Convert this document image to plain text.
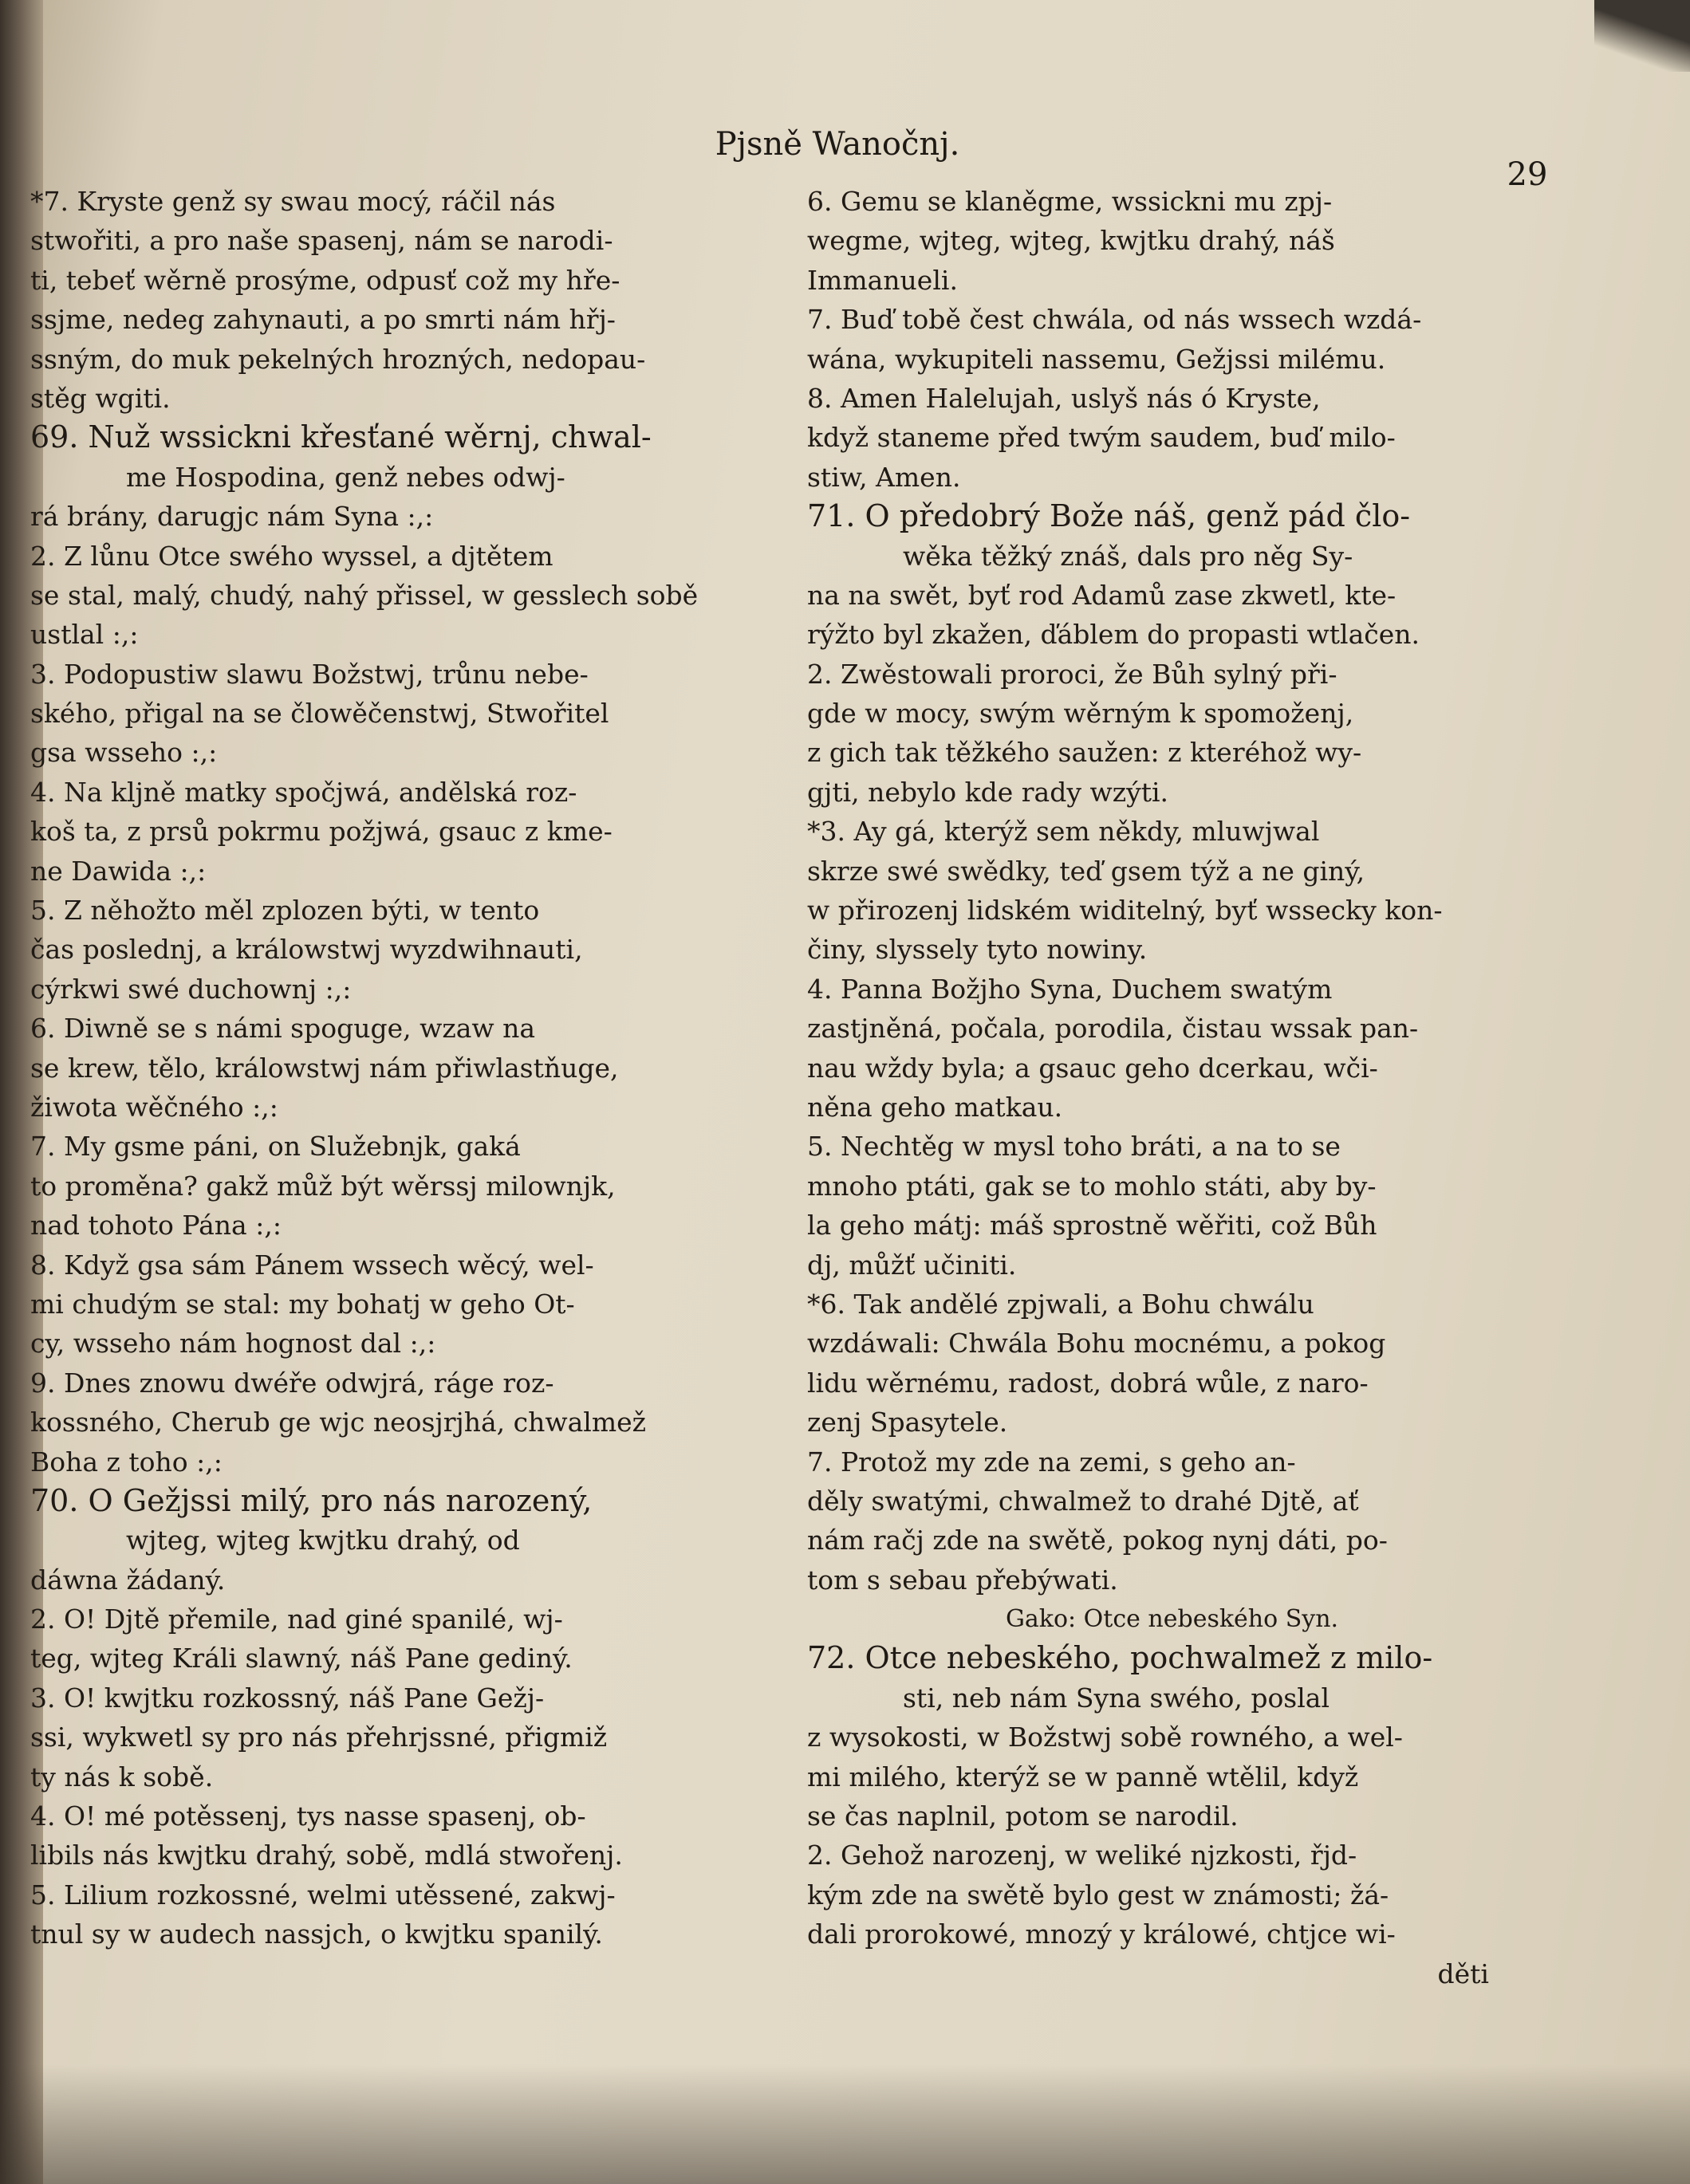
Pjsně Wanočnj.
29
*7. Kryste genž sy swau mocý, ráčil nás
stwořiti, a pro naše spasenj, nám se narodi-
ti, tebeť wěrně prosýme, odpusť což my hře-
ssjme, nedeg zahynauti, a po smrti nám hřj-
ssným, do muk pekelných hrozných, nedopau-
stěg wgiti.
69. Nuž wssickni křesťané wěrnj, chwal-
me Hospodina, genž nebes odwj-
rá brány, darugjc nám Syna :,:
2. Z lůnu Otce swého wyssel, a djtětem
se stal, malý, chudý, nahý přissel, w gesslech sobě
ustlal :,:
3. Podopustiw slawu Božstwj, trůnu nebe-
ského, přigal na se člowěčenstwj, Stwořitel
gsa wsseho :,:
4. Na kljně matky spočjwá, andělská roz-
koš ta, z prsů pokrmu požjwá, gsauc z kme-
ne Dawida :,:
5. Z něhožto měl zplozen býti, w tento
čas poslednj, a králowstwj wyzdwihnauti,
cýrkwi swé duchownj :,:
6. Diwně se s námi spoguge, wzaw na
se krew, tělo, králowstwj nám přiwlastňuge,
žiwota wěčného :,:
7. My gsme páni, on Služebnjk, gaká
to proměna? gakž můž být wěrssj milownjk,
nad tohoto Pána :,:
8. Když gsa sám Pánem wssech wěcý, wel-
mi chudým se stal: my bohatj w geho Ot-
cy, wsseho nám hognost dal :,:
9. Dnes znowu dwéře odwjrá, ráge roz-
kossného, Cherub ge wjc neosjrjhá, chwalmež
Boha z toho :,:
70. O Gežjssi milý, pro nás narozený,
wjteg, wjteg kwjtku drahý, od
dáwna žádaný.
2. O! Djtě přemile, nad giné spanilé, wj-
teg, wjteg Králi slawný, náš Pane gediný.
3. O! kwjtku rozkossný, náš Pane Gežj-
ssi, wykwetl sy pro nás přehrjssné, přigmiž
ty nás k sobě.
4. O! mé potěssenj, tys nasse spasenj, ob-
libils nás kwjtku drahý, sobě, mdlá stwořenj.
5. Lilium rozkossné, welmi utěssené, zakwj-
tnul sy w audech nassjch, o kwjtku spanilý.
6. Gemu se klaněgme, wssickni mu zpj-
wegme, wjteg, wjteg, kwjtku drahý, náš
Immanueli.
7. Buď tobě čest chwála, od nás wssech wzdá-
wána, wykupiteli nassemu, Gežjssi milému.
8. Amen Halelujah, uslyš nás ó Kryste,
když staneme před twým saudem, buď milo-
stiw, Amen.
71. O předobrý Bože náš, genž pád člo-
wěka těžký znáš, dals pro něg Sy-
na na swět, byť rod Adamů zase zkwetl, kte-
rýžto byl zkažen, ďáblem do propasti wtlačen.
2. Zwěstowali proroci, že Bůh sylný při-
gde w mocy, swým wěrným k spomoženj,
z gich tak těžkého saužen: z kteréhož wy-
gjti, nebylo kde rady wzýti.
*3. Ay gá, kterýž sem někdy, mluwjwal
skrze swé swědky, teď gsem týž a ne giný,
w přirozenj lidském widitelný, byť wssecky kon-
činy, slyssely tyto nowiny.
4. Panna Božjho Syna, Duchem swatým
zastjněná, počala, porodila, čistau wssak pan-
nau wždy byla; a gsauc geho dcerkau, wči-
něna geho matkau.
5. Nechtěg w mysl toho bráti, a na to se
mnoho ptáti, gak se to mohlo státi, aby by-
la geho mátj: máš sprostně wěřiti, což Bůh
dj, můžť učiniti.
*6. Tak andělé zpjwali, a Bohu chwálu
wzdáwali: Chwála Bohu mocnému, a pokog
lidu wěrnému, radost, dobrá wůle, z naro-
zenj Spasytele.
7. Protož my zde na zemi, s geho an-
děly swatými, chwalmež to drahé Djtě, ať
nám račj zde na swětě, pokog nynj dáti, po-
tom s sebau přebýwati.
Gako: Otce nebeského Syn.
72. Otce nebeského, pochwalmež z milo-
sti, neb nám Syna swého, poslal
z wysokosti, w Božstwj sobě rowného, a wel-
mi milého, kterýž se w panně wtělil, když
se čas naplnil, potom se narodil.
2. Gehož narozenj, w weliké njzkosti, řjd-
kým zde na swětě bylo gest w známosti; žá-
dali prorokowé, mnozý y králowé, chtjce wi-
děti
